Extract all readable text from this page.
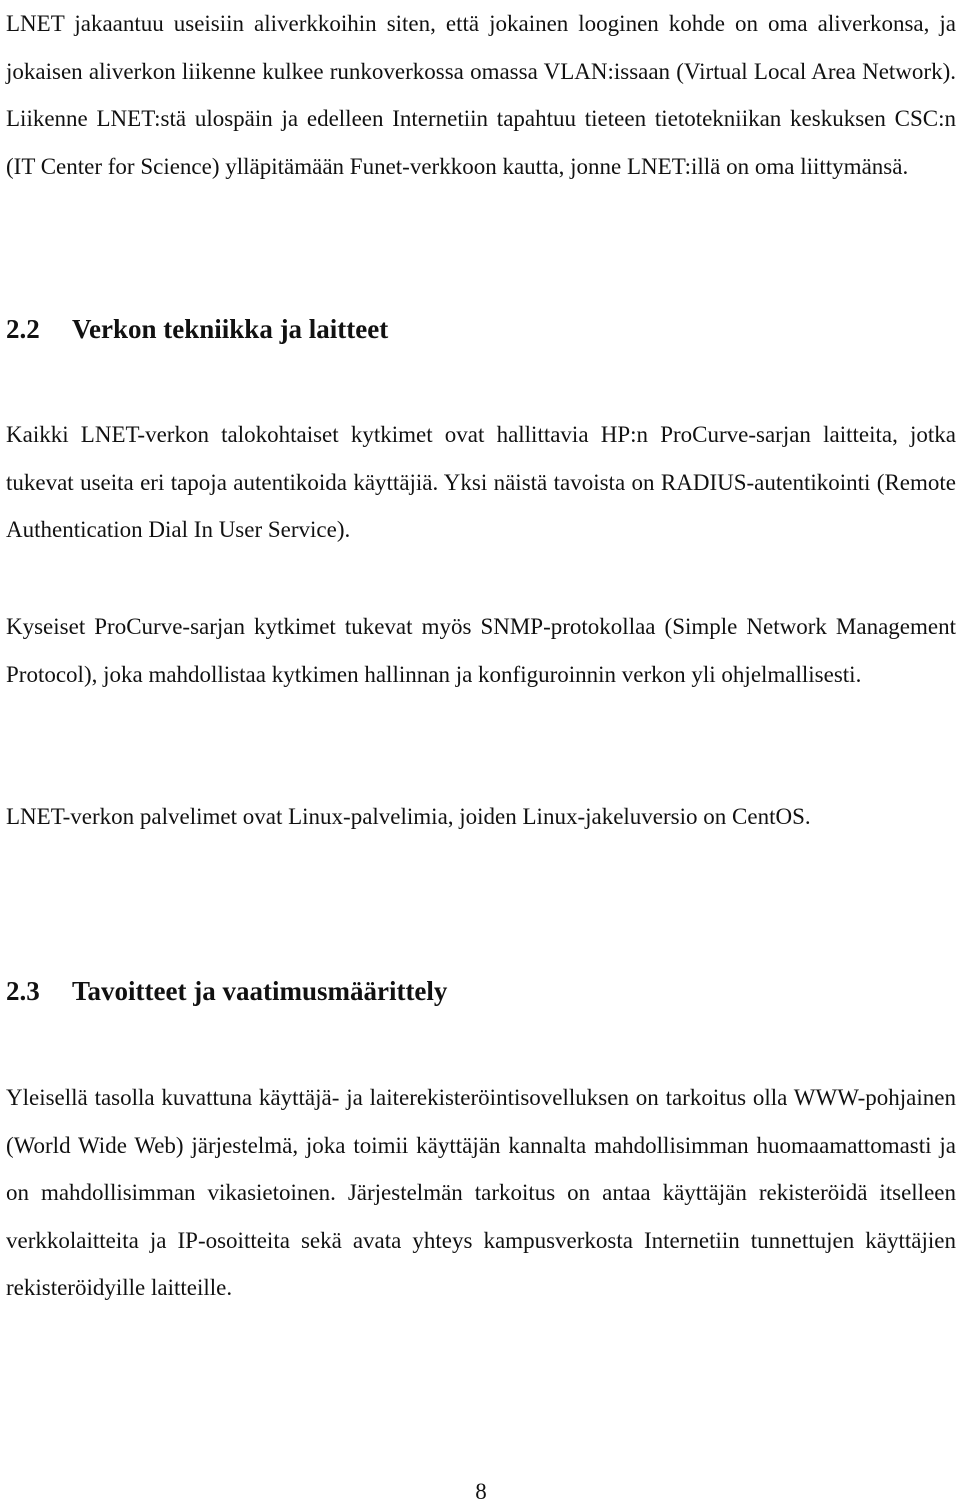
LNET jakaantuu useisiin aliverkkoihin siten, että jokainen looginen kohde on oma aliverkonsa, ja jokaisen aliverkon liikenne kulkee runkoverkossa omassa VLAN:issaan (Virtual Local Area Network). Liikenne LNET:stä ulospäin ja edelleen Internetiin tapahtuu tieteen tietotekniikan keskuksen CSC:n (IT Center for Science) ylläpitämään Funet-verkkoon kautta, jonne LNET:illä on oma liittymänsä.

2.2 Verkon tekniikka ja laitteet

Kaikki LNET-verkon talokohtaiset kytkimet ovat hallittavia HP:n ProCurve-sarjan laitteita, jotka tukevat useita eri tapoja autentikoida käyttäjiä. Yksi näistä tavoista on RADIUS-autentikointi (Remote Authentication Dial In User Service).

Kyseiset ProCurve-sarjan kytkimet tukevat myös SNMP-protokollaa (Simple Network Management Protocol), joka mahdollistaa kytkimen hallinnan ja konfiguroinnin verkon yli ohjelmallisesti.

LNET-verkon palvelimet ovat Linux-palvelimia, joiden Linux-jakeluversio on CentOS.

2.3 Tavoitteet ja vaatimusmäärittely

Yleisellä tasolla kuvattuna käyttäjä- ja laiterekisteröintisovelluksen on tarkoitus olla WWW-pohjainen (World Wide Web) järjestelmä, joka toimii käyttäjän kannalta mahdollisimman huomaamattomasti ja on mahdollisimman vikasietoinen. Järjestelmän tarkoitus on antaa käyttäjän rekisteröidä itselleen verkkolaitteita ja IP-osoitteita sekä avata yhteys kampusverkosta Internetiin tunnettujen käyttäjien rekisteröidyille laitteille.

8
